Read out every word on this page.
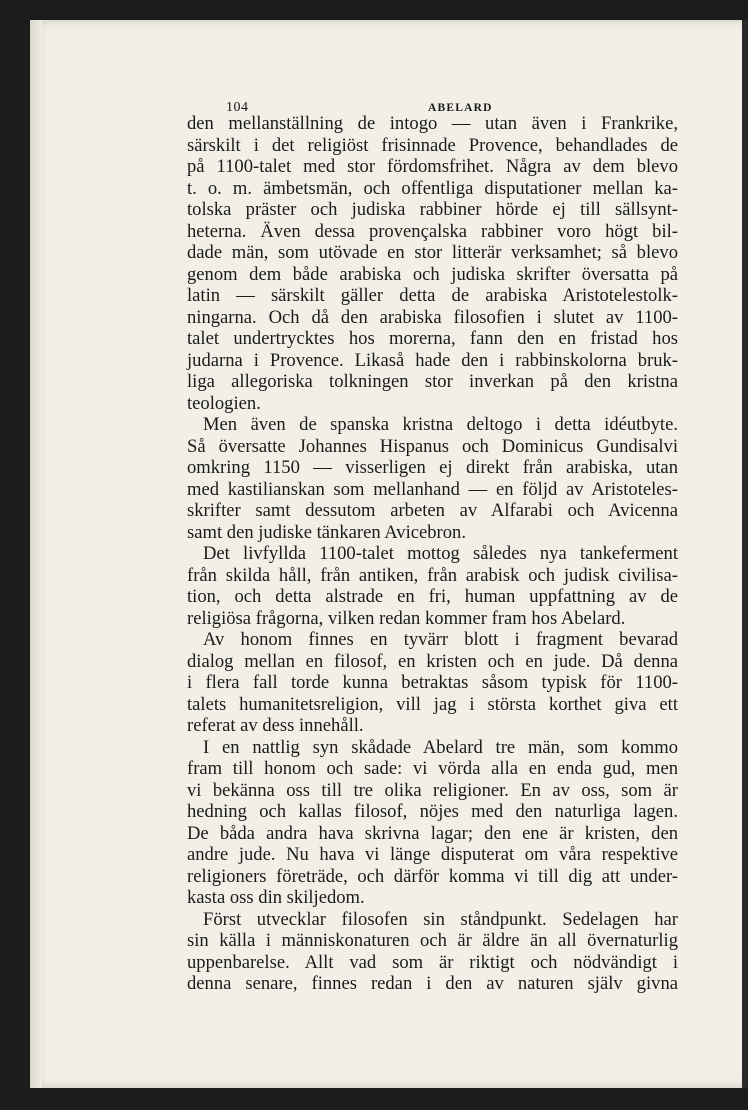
104	ABELARD
den mellanställning de intogo — utan även i Frankrike,
särskilt i det religiöst frisinnade Provence, behandlades de
på 1100-talet med stor fördomsfrihet. Några av dem blevo
t. o. m. ämbetsmän, och offentliga disputationer mellan ka-
tolska präster och judiska rabbiner hörde ej till sällsynt-
heterna. Även dessa provençalska rabbiner voro högt bil-
dade män, som utövade en stor litterär verksamhet; så blevo
genom dem både arabiska och judiska skrifter översatta på
latin — särskilt gäller detta de arabiska Aristotelestolk-
ningarna. Och då den arabiska filosofien i slutet av 1100-
talet undertrycktes hos morerna, fann den en fristad hos
judarna i Provence. Likaså hade den i rabbinskolorna bruk-
liga allegoriska tolkningen stor inverkan på den kristna
teologien.
Men även de spanska kristna deltogo i detta idéutbyte.
Så översatte Johannes Hispanus och Dominicus Gundisalvi
omkring 1150 — visserligen ej direkt från arabiska, utan
med kastilianskan som mellanhand — en följd av Aristoteles-
skrifter samt dessutom arbeten av Alfarabi och Avicenna
samt den judiske tänkaren Avicebron.
Det livfyllda 1100-talet mottog således nya tankeferment
från skilda håll, från antiken, från arabisk och judisk civilisa-
tion, och detta alstrade en fri, human uppfattning av de
religiösa frågorna, vilken redan kommer fram hos Abelard.
Av honom finnes en tyvärr blott i fragment bevarad
dialog mellan en filosof, en kristen och en jude. Då denna
i flera fall torde kunna betraktas såsom typisk för 1100-
talets humanitetsreligion, vill jag i största korthet giva ett
referat av dess innehåll.
I en nattlig syn skådade Abelard tre män, som kommo
fram till honom och sade: vi vörda alla en enda gud, men
vi bekänna oss till tre olika religioner. En av oss, som är
hedning och kallas filosof, nöjes med den naturliga lagen.
De båda andra hava skrivna lagar; den ene är kristen, den
andre jude. Nu hava vi länge disputerat om våra respektive
religioners företräde, och därför komma vi till dig att under-
kasta oss din skiljedom.
Först utvecklar filosofen sin ståndpunkt. Sedelagen har
sin källa i människonaturen och är äldre än all övernaturlig
uppenbarelse. Allt vad som är riktigt och nödvändigt i
denna senare, finnes redan i den av naturen själv givna
